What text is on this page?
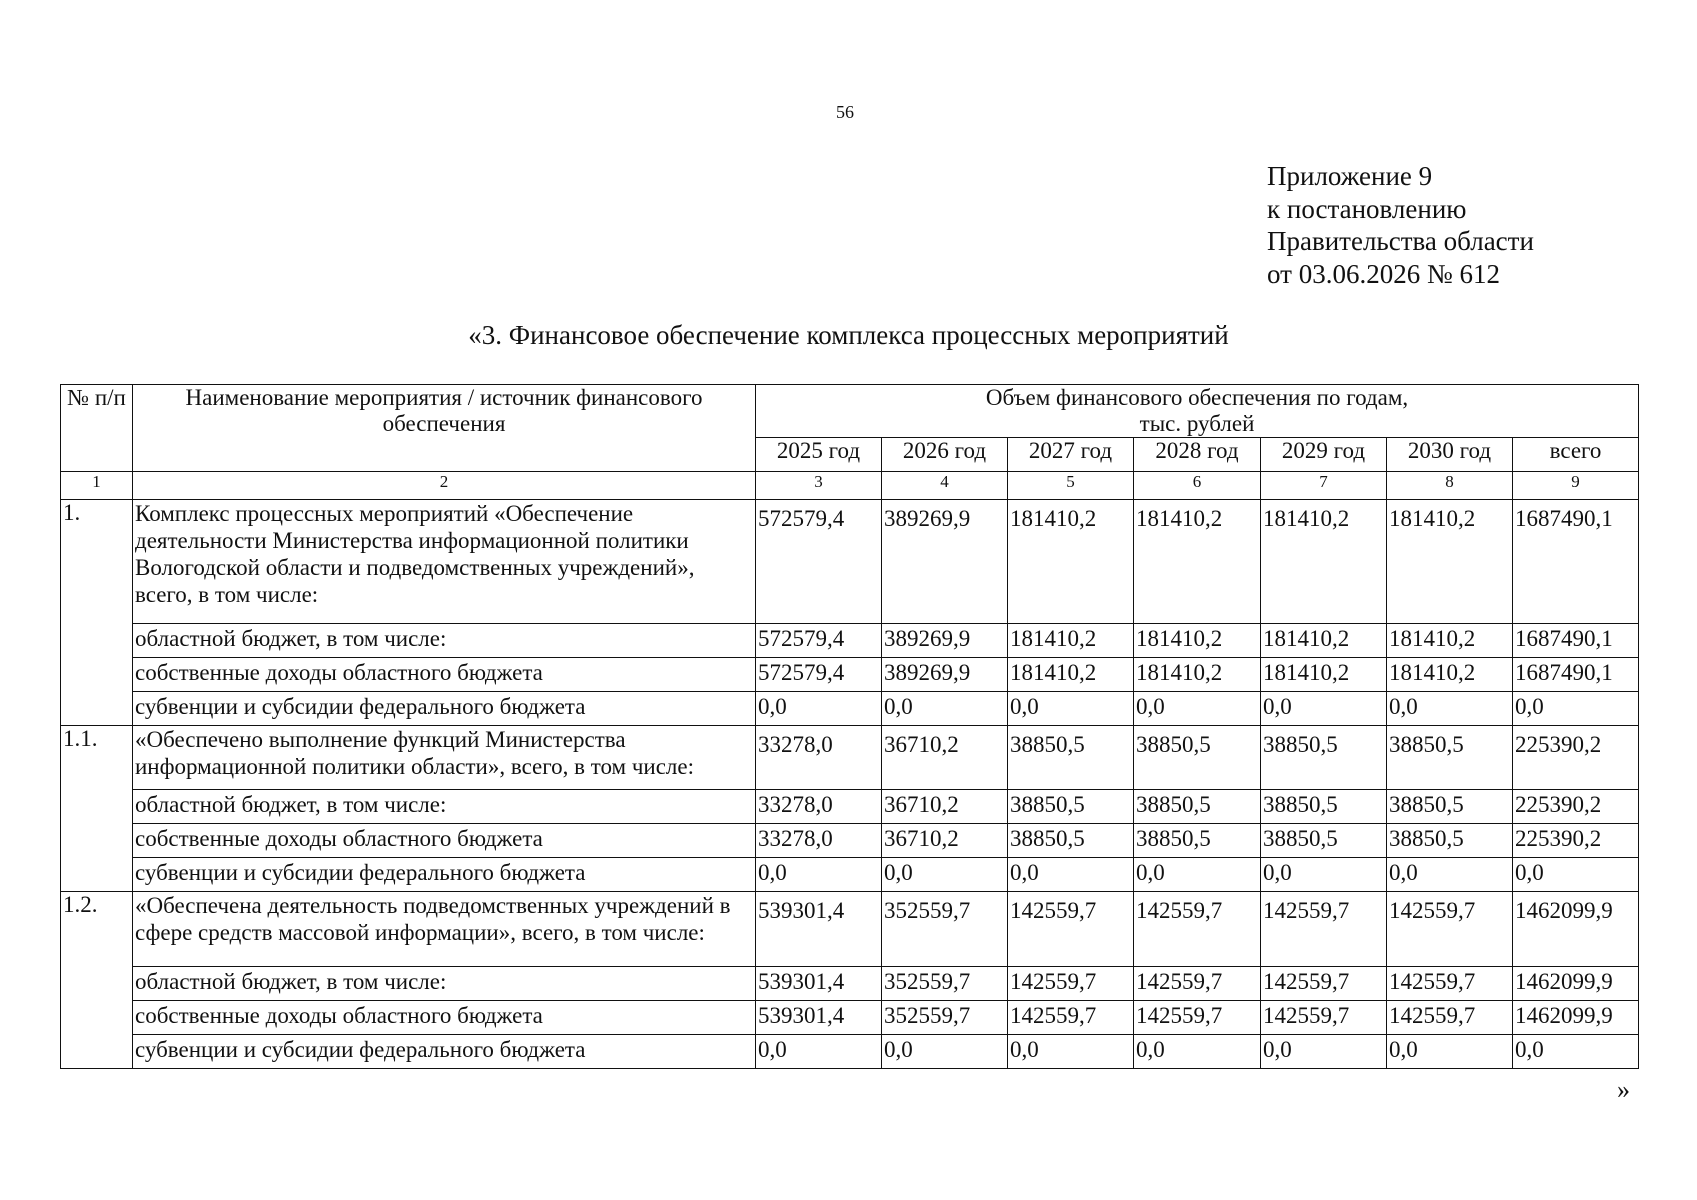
56
Приложение 9
к постановлению
Правительства области
от 03.06.2026 № 612
«3. Финансовое обеспечение комплекса процессных мероприятий
№ п/п	Наименование мероприятия / источник финансового обеспечения	Объем финансового обеспечения по годам,
тыс. рублей						

		2025 год	2026 год	2027 год	2028 год	2029 год	2030 год	всего
1	2	3	4	5	6	7	8	9
1.	Комплекс процессных мероприятий «Обеспечение деятельности Министерства информационной политики Вологодской области и подведомственных учреждений», всего, в том числе:	572579,4	389269,9	181410,2	181410,2	181410,2	181410,2	1687490,1
	областной бюджет, в том числе:	572579,4	389269,9	181410,2	181410,2	181410,2	181410,2	1687490,1
	собственные доходы областного бюджета	572579,4	389269,9	181410,2	181410,2	181410,2	181410,2	1687490,1
	субвенции и субсидии федерального бюджета	0,0	0,0	0,0	0,0	0,0	0,0	0,0
1.1.	«Обеспечено выполнение функций Министерства информационной политики области», всего, в том числе:	33278,0	36710,2	38850,5	38850,5	38850,5	38850,5	225390,2
	областной бюджет, в том числе:	33278,0	36710,2	38850,5	38850,5	38850,5	38850,5	225390,2
	собственные доходы областного бюджета	33278,0	36710,2	38850,5	38850,5	38850,5	38850,5	225390,2
	субвенции и субсидии федерального бюджета	0,0	0,0	0,0	0,0	0,0	0,0	0,0
1.2.	«Обеспечена деятельность подведомственных учреждений в сфере средств массовой информации», всего, в том числе:	539301,4	352559,7	142559,7	142559,7	142559,7	142559,7	1462099,9
	областной бюджет, в том числе:	539301,4	352559,7	142559,7	142559,7	142559,7	142559,7	1462099,9
	собственные доходы областного бюджета	539301,4	352559,7	142559,7	142559,7	142559,7	142559,7	1462099,9
	субвенции и субсидии федерального бюджета	0,0	0,0	0,0	0,0	0,0	0,0	0,0
»
